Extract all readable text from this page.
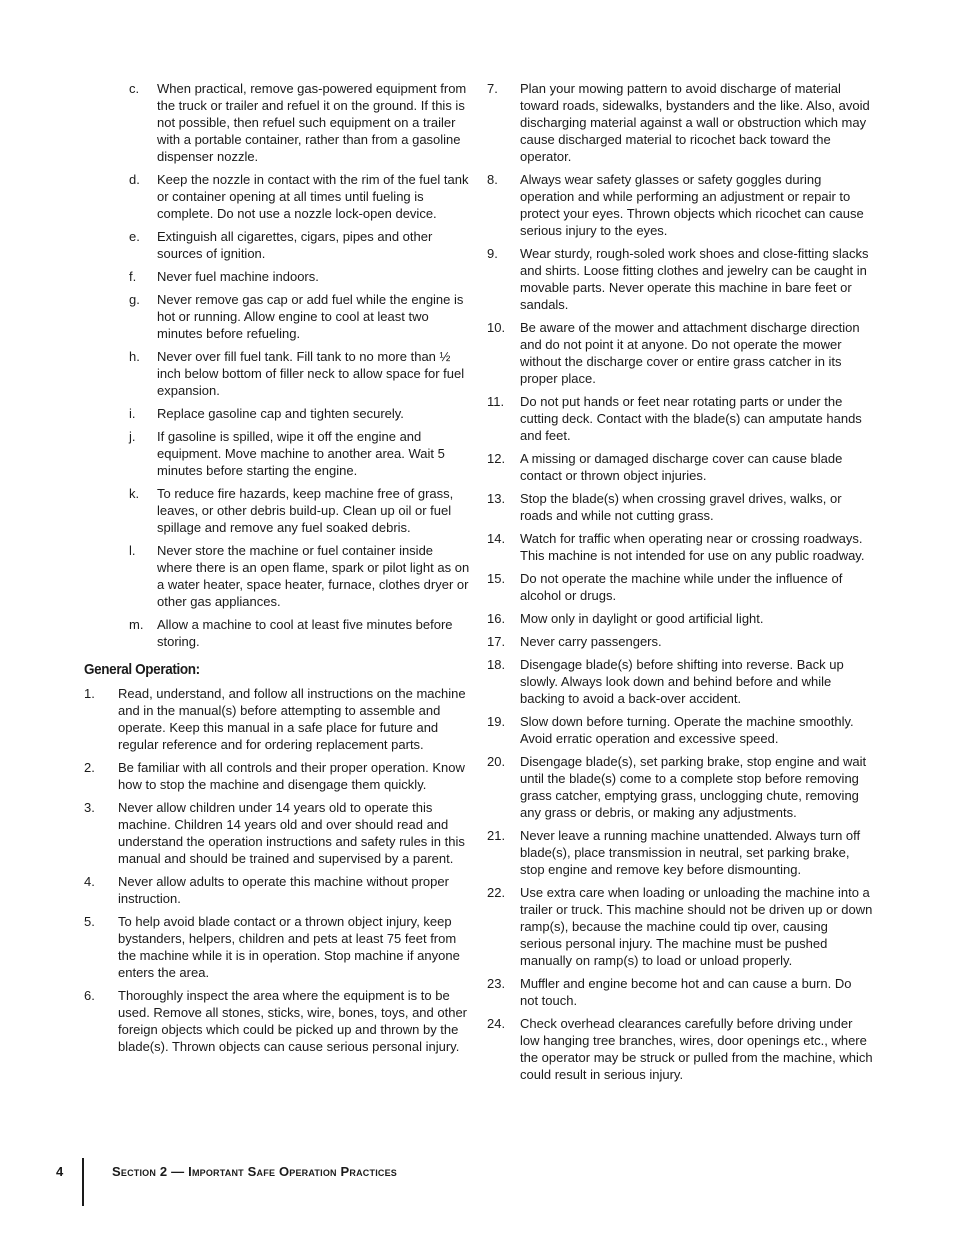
c.	When practical, remove gas-powered equipment from the truck or trailer and refuel it on the ground. If this is not possible, then refuel such equipment on a trailer with a portable container, rather than from a gasoline dispenser nozzle.
d.	Keep the nozzle in contact with the rim of the fuel tank or container opening at all times until fueling is complete. Do not use a nozzle lock-open device.
e.	Extinguish all cigarettes, cigars, pipes and other sources of ignition.
f.	Never fuel machine indoors.
g.	Never remove gas cap or add fuel while the engine is hot or running. Allow engine to cool at least two minutes before refueling.
h.	Never over fill fuel tank. Fill tank to no more than ½ inch below bottom of filler neck to allow space for fuel expansion.
i.	Replace gasoline cap and tighten securely.
j.	If gasoline is spilled, wipe it off the engine and equipment. Move machine to another area. Wait 5 minutes before starting the engine.
k.	To reduce fire hazards, keep machine free of grass, leaves, or other debris build-up. Clean up oil or fuel spillage and remove any fuel soaked debris.
l.	Never store the machine or fuel container inside where there is an open flame, spark or pilot light as on a water heater, space heater, furnace, clothes dryer or other gas appliances.
m.	Allow a machine to cool at least five minutes before storing.
General Operation:
1.	Read, understand, and follow all instructions on the machine and in the manual(s) before attempting to assemble and operate. Keep this manual in a safe place for future and regular reference and for ordering replacement parts.
2.	Be familiar with all controls and their proper operation. Know how to stop the machine and disengage them quickly.
3.	Never allow children under 14 years old to operate this machine. Children 14 years old and over should read and understand the operation instructions and safety rules in this manual and should be trained and supervised by a parent.
4.	Never allow adults to operate this machine without proper instruction.
5.	To help avoid blade contact or a thrown object injury, keep bystanders, helpers, children and pets at least 75 feet from the machine while it is in operation. Stop machine if anyone enters the area.
6.	Thoroughly inspect the area where the equipment is to be used. Remove all stones, sticks, wire, bones, toys, and other foreign objects which could be picked up and thrown by the blade(s). Thrown objects can cause serious personal injury.
7.	Plan your mowing pattern to avoid discharge of material toward roads, sidewalks, bystanders and the like. Also, avoid discharging material against a wall or obstruction which may cause discharged material to ricochet back toward the operator.
8.	Always wear safety glasses or safety goggles during operation and while performing an adjustment or repair to protect your eyes. Thrown objects which ricochet can cause serious injury to the eyes.
9.	Wear sturdy, rough-soled work shoes and close-fitting slacks and shirts. Loose fitting clothes and jewelry can be caught in movable parts. Never operate this machine in bare feet or sandals.
10.	Be aware of the mower and attachment discharge direction and do not point it at anyone. Do not operate the mower without the discharge cover or entire grass catcher in its proper place.
11.	Do not put hands or feet near rotating parts or under the cutting deck. Contact with the blade(s) can amputate hands and feet.
12.	A missing or damaged discharge cover can cause blade contact or thrown object injuries.
13.	Stop the blade(s) when crossing gravel drives, walks, or roads and while not cutting grass.
14.	Watch for traffic when operating near or crossing roadways. This machine is not intended for use on any public roadway.
15.	Do not operate the machine while under the influence of alcohol or drugs.
16.	Mow only in daylight or good artificial light.
17.	Never carry passengers.
18.	Disengage blade(s) before shifting into reverse. Back up slowly. Always look down and behind before and while backing to avoid a back-over accident.
19.	Slow down before turning. Operate the machine smoothly. Avoid erratic operation and excessive speed.
20.	Disengage blade(s), set parking brake, stop engine and wait until the blade(s) come to a complete stop before removing grass catcher, emptying grass, unclogging chute, removing any grass or debris, or making any adjustments.
21.	Never leave a running machine unattended. Always turn off blade(s), place transmission in neutral, set parking brake, stop engine and remove key before dismounting.
22.	Use extra care when loading or unloading the machine into a trailer or truck. This machine should not be driven up or down ramp(s), because the machine could tip over, causing serious personal injury. The machine must be pushed manually on ramp(s) to load or unload properly.
23.	Muffler and engine become hot and can cause a burn. Do not touch.
24.	Check overhead clearances carefully before driving under low hanging tree branches, wires, door openings etc., where the operator may be struck or pulled from the machine, which could result in serious injury.
4	Section 2 — Important Safe Operation Practices
